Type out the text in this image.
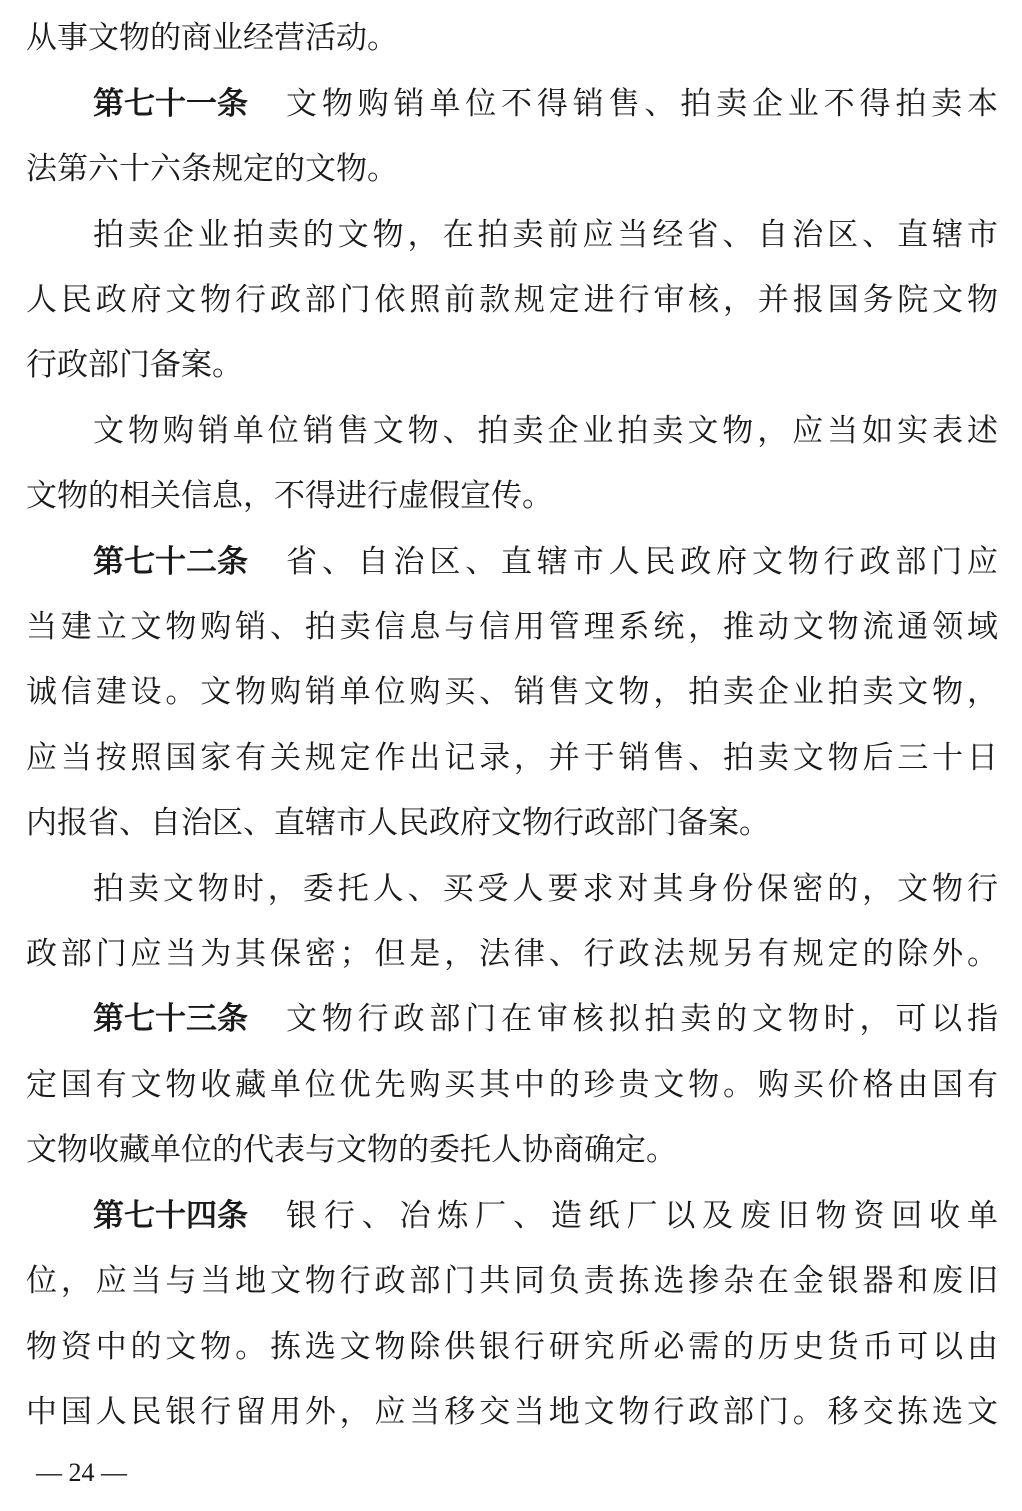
从事文物的商业经营活动。
第七十一条 文物购销单位不得销售、拍卖企业不得拍卖本
法第六十六条规定的文物。
拍卖企业拍卖的文物，在拍卖前应当经省、自治区、直辖市
人民政府文物行政部门依照前款规定进行审核，并报国务院文物
行政部门备案。
文物购销单位销售文物、拍卖企业拍卖文物，应当如实表述
文物的相关信息，不得进行虚假宣传。
第七十二条 省、自治区、直辖市人民政府文物行政部门应
当建立文物购销、拍卖信息与信用管理系统，推动文物流通领域
诚信建设。文物购销单位购买、销售文物，拍卖企业拍卖文物，
应当按照国家有关规定作出记录，并于销售、拍卖文物后三十日
内报省、自治区、直辖市人民政府文物行政部门备案。
拍卖文物时，委托人、买受人要求对其身份保密的，文物行
政部门应当为其保密；但是，法律、行政法规另有规定的除外。
第七十三条 文物行政部门在审核拟拍卖的文物时，可以指
定国有文物收藏单位优先购买其中的珍贵文物。购买价格由国有
文物收藏单位的代表与文物的委托人协商确定。
第七十四条 银行、冶炼厂、造纸厂以及废旧物资回收单
位，应当与当地文物行政部门共同负责拣选掺杂在金银器和废旧
物资中的文物。拣选文物除供银行研究所必需的历史货币可以由
中国人民银行留用外，应当移交当地文物行政部门。移交拣选文
— 24 —
